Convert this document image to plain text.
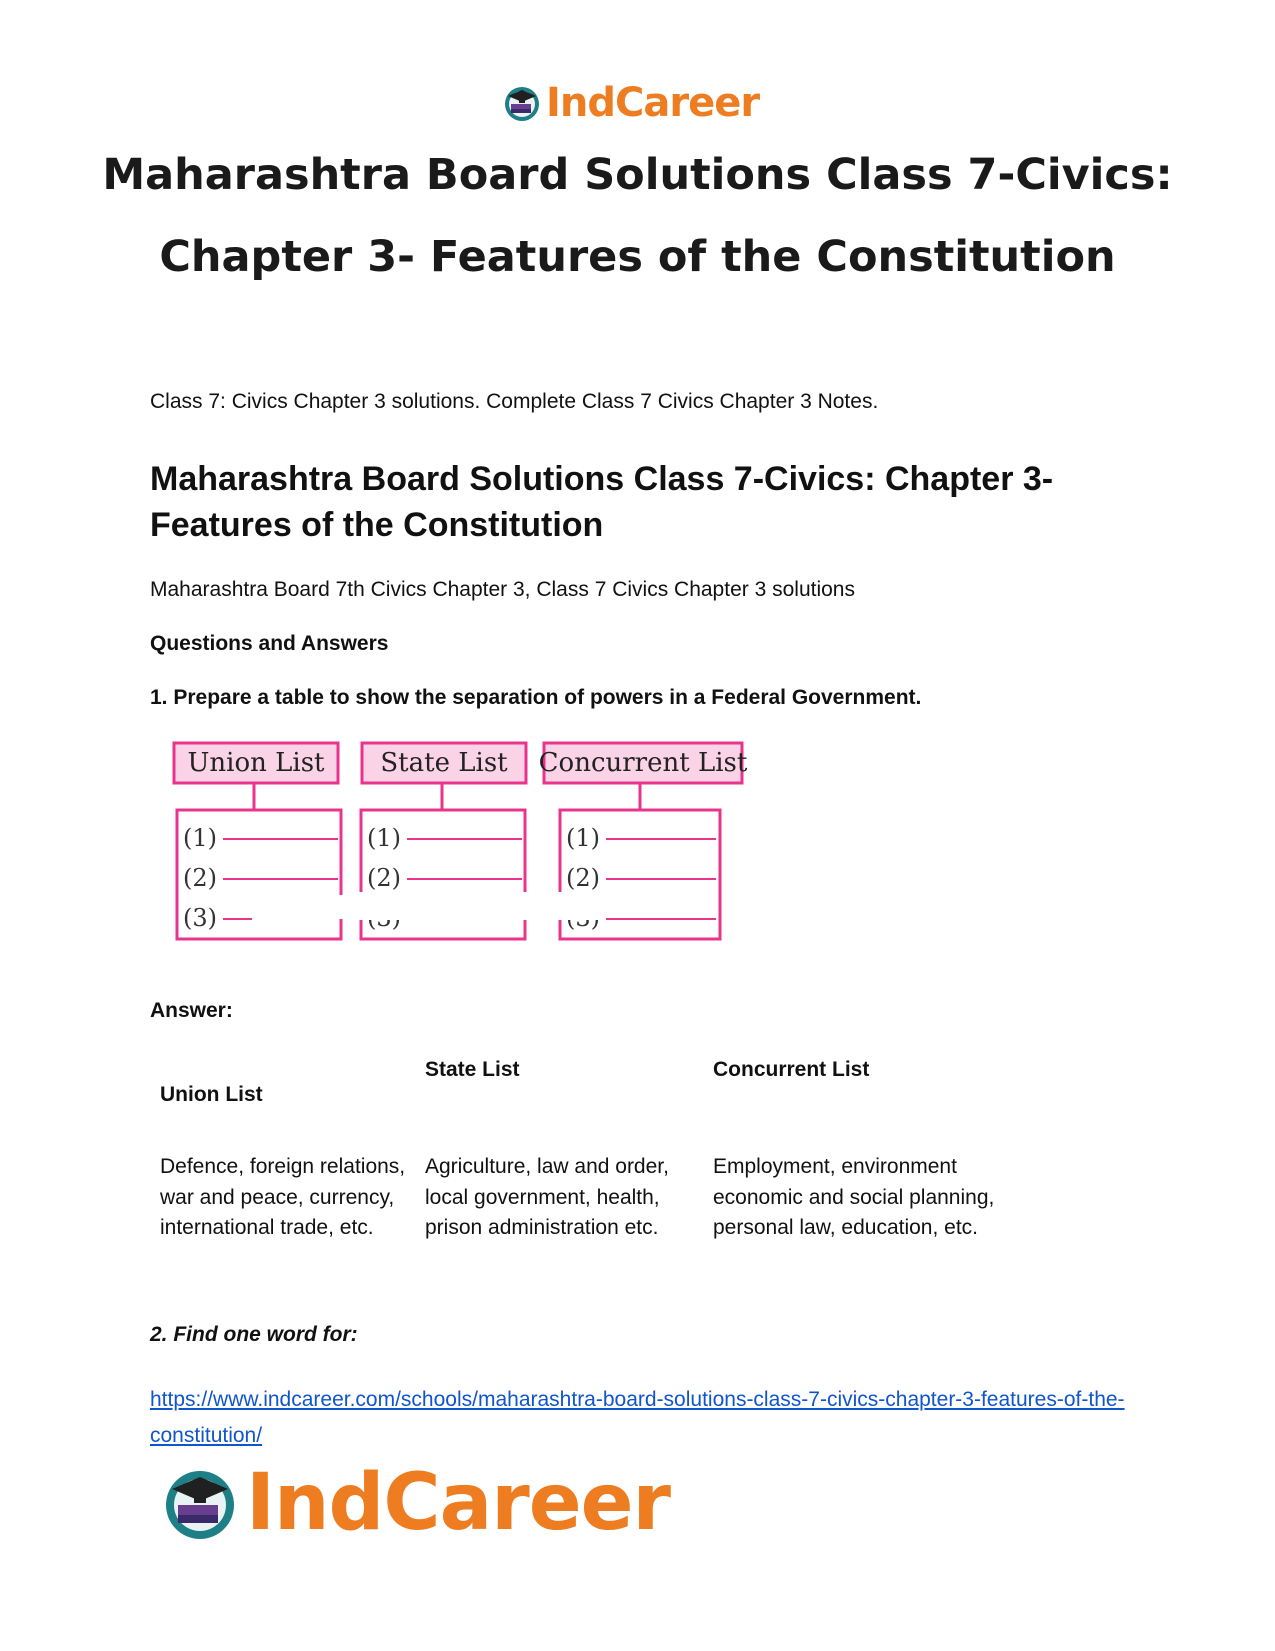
IndCareer
Maharashtra Board Solutions Class 7-Civics:
Chapter 3- Features of the Constitution
Class 7: Civics Chapter 3 solutions. Complete Class 7 Civics Chapter 3 Notes.
Maharashtra Board Solutions Class 7-Civics: Chapter 3- Features of the Constitution
Maharashtra Board 7th Civics Chapter 3, Class 7 Civics Chapter 3 solutions
Questions and Answers
1. Prepare a table to show the separation of powers in a Federal Government.
Union List
(1)
(2)
(3)
State List
(1)
(2)
Concurrent List
(1)
(2)
Answer:
Union List
State List	Concurrent List
Defence, foreign relations, war and peace, currency, international trade, etc.
Agriculture, law and order, local government, health, prison administration etc.
Employment, environment economic and social planning, personal law, education, etc.
2. Find one word for:
https://www.indcareer.com/schools/maharashtra-board-solutions-class-7-civics-chapter-3-features-of-the-constitution/
IndCareer
